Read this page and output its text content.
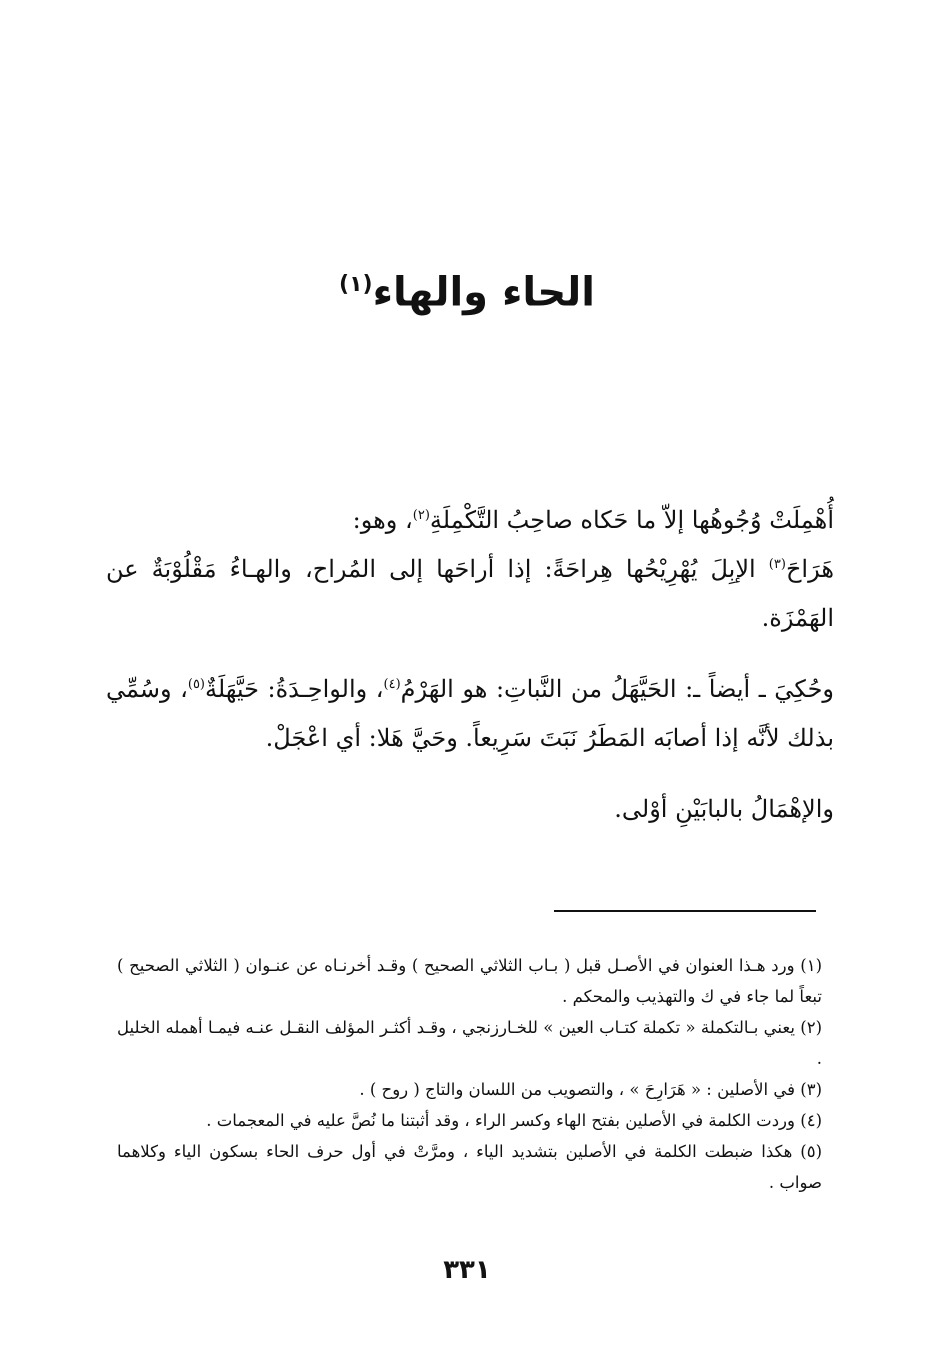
الحاء والهاء$^{(١)}$

أُهْمِلَتْ وُجُوهُها إلاّ ما حَكاه صاحِبُ التَّكْمِلَةِ$^{(٢)}$، وهو:

هَرَاحَ$^{(٣)}$ الإبِلَ يُهْرِيْحُها هِراحَةً: إذا أراحَها إلى المُراح، والهـاءُ مَقْلُوْبَةٌ عن الهَمْزَة.

وحُكِيَ ـ أيضاً ـ: الحَيَّهَلُ من النَّباتِ: هو الهَرْمُ$^{(٤)}$، والواحِـدَةُ: حَيَّهَلَةٌ$^{(٥)}$، وسُمِّي بذلك لأنَّه إذا أصابَه المَطَرُ نَبَتَ سَرِيعاً. وحَيَّ هَلا: أي اعْجَلْ.

والإهْمَالُ بالبابَيْنِ أوْلى.

(١) ورد هـذا العنوان في الأصـل قبل ( بـاب الثلاثي الصحيح ) وقـد أخرنـاه عن عنـوان ( الثلاثي الصحيح ) تبعاً لما جاء في ك والتهذيب والمحكم .
(٢) يعني بـالتكملة « تكملة كتـاب العين » للخـارزنجي ، وقـد أكثـر المؤلف النقـل عنـه فيمـا أهمله الخليل .
(٣) في الأصلين : « هَرَارِحَ » ، والتصويب من اللسان والتاج ( روح ) .
(٤) وردت الكلمة في الأصلين بفتح الهاء وكسر الراء ، وقد أثبتنا ما نُصَّ عليه في المعجمات .
(٥) هكذا ضبطت الكلمة في الأصلين بتشديد الياء ، ومرَّتْ في أول حرف الحاء بسكون الياء وكلاهما صواب .
٣٣١
